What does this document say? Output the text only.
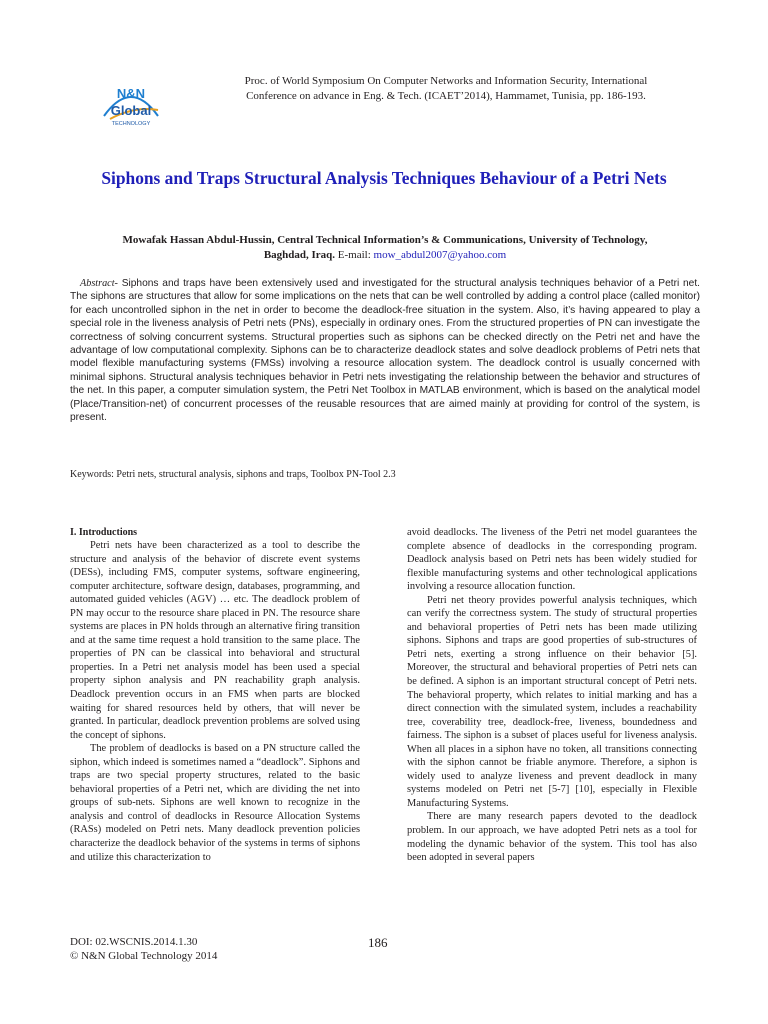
N&N
Global
TECHNOLOGY
Proc. of World Symposium On Computer Networks and Information Security, International
Conference on advance in Eng. & Tech. (ICAET’2014), Hammamet, Tunisia, pp. 186-193.
Siphons and Traps Structural Analysis Techniques Behaviour of a Petri Nets
Mowafak Hassan Abdul-Hussin, Central Technical Information’s & Communications, University of Technology, Baghdad, Iraq. E-mail: mow_abdul2007@yahoo.com
Abstract- Siphons and traps have been extensively used and investigated for the structural analysis techniques behavior of a Petri net. The siphons are structures that allow for some implications on the nets that can be well controlled by adding a control place (called monitor) for each uncontrolled siphon in the net in order to become the deadlock-free situation in the system. Also, it’s having appeared to play a special role in the liveness analysis of Petri nets (PNs), especially in ordinary ones. From the structured properties of PN can investigate the correctness of solving concurrent systems. Structural properties such as siphons can be checked directly on the Petri net and have the advantage of low computational complexity. Siphons can be to characterize deadlock states and solve deadlock problems of Petri nets that model flexible manufacturing systems (FMSs) involving a resource allocation system. The deadlock control is usually concerned with minimal siphons. Structural analysis techniques behavior in Petri nets investigating the relationship between the behavior and structures of the net. In this paper, a computer simulation system, the Petri Net Toolbox in MATLAB environment, which is based on the analytical model (Place/Transition-net) of concurrent processes of the reusable resources that are aimed mainly at providing for control of the system, is present.
Keywords: Petri nets, structural analysis, siphons and traps, Toolbox PN-Tool 2.3

I. Introductions

Petri nets have been characterized as a tool to describe the structure and analysis of the behavior of discrete event systems (DESs), including FMS, computer systems, software engineering, computer architecture, software design, databases, programming, and automated guided vehicles (AGV) … etc. The deadlock problem of PN may occur to the resource share placed in PN. The resource share systems are places in PN holds through an alternative firing transition and at the same time request a hold transition to the same place. The properties of PN can be classical into behavioral and structural properties. In a Petri net analysis model has been used a special property siphon analysis and PN reachability graph analysis. Deadlock prevention occurs in an FMS when parts are blocked waiting for shared resources held by others, that will never be granted. In particular, deadlock prevention problems are solved using the concept of siphons.

The problem of deadlocks is based on a PN structure called the siphon, which indeed is sometimes named a “deadlock”. Siphons and traps are two special property structures, related to the basic behavioral properties of a Petri net, which are dividing the net into groups of sub-nets. Siphons are well known to recognize in the analysis and control of deadlocks in Resource Allocation Systems (RASs) modeled on Petri nets. Many deadlock prevention policies characterize the deadlock behavior of the systems in terms of siphons and utilize this characterization to

avoid deadlocks. The liveness of the Petri net model guarantees the complete absence of deadlocks in the corresponding program. Deadlock analysis based on Petri nets has been widely studied for flexible manufacturing systems and other technological applications involving a resource allocation function.

Petri net theory provides powerful analysis techniques, which can verify the correctness system. The study of structural properties and behavioral properties of Petri nets has been made utilizing siphons. Siphons and traps are good properties of sub-structures of Petri nets, exerting a strong influence on their behavior [5]. Moreover, the structural and behavioral properties of Petri nets can be defined. A siphon is an important structural concept of Petri nets. The behavioral property, which relates to initial marking and has a direct connection with the simulated system, includes a reachability tree, coverability tree, deadlock-free, liveness, boundedness and fairness. The siphon is a subset of places useful for liveness analysis. When all places in a siphon have no token, all transitions connecting with the siphon cannot be friable anymore. Therefore, a siphon is widely used to analyze liveness and prevent deadlock in many systems modeled on Petri net [5-7] [10], especially in Flexible Manufacturing Systems.

There are many research papers devoted to the deadlock problem. In our approach, we have adopted Petri nets as a tool for modeling the dynamic behavior of the system. This tool has also been adopted in several papers

DOI: 02.WSCNIS.2014.1.30
© N&N Global Technology 2014
186
